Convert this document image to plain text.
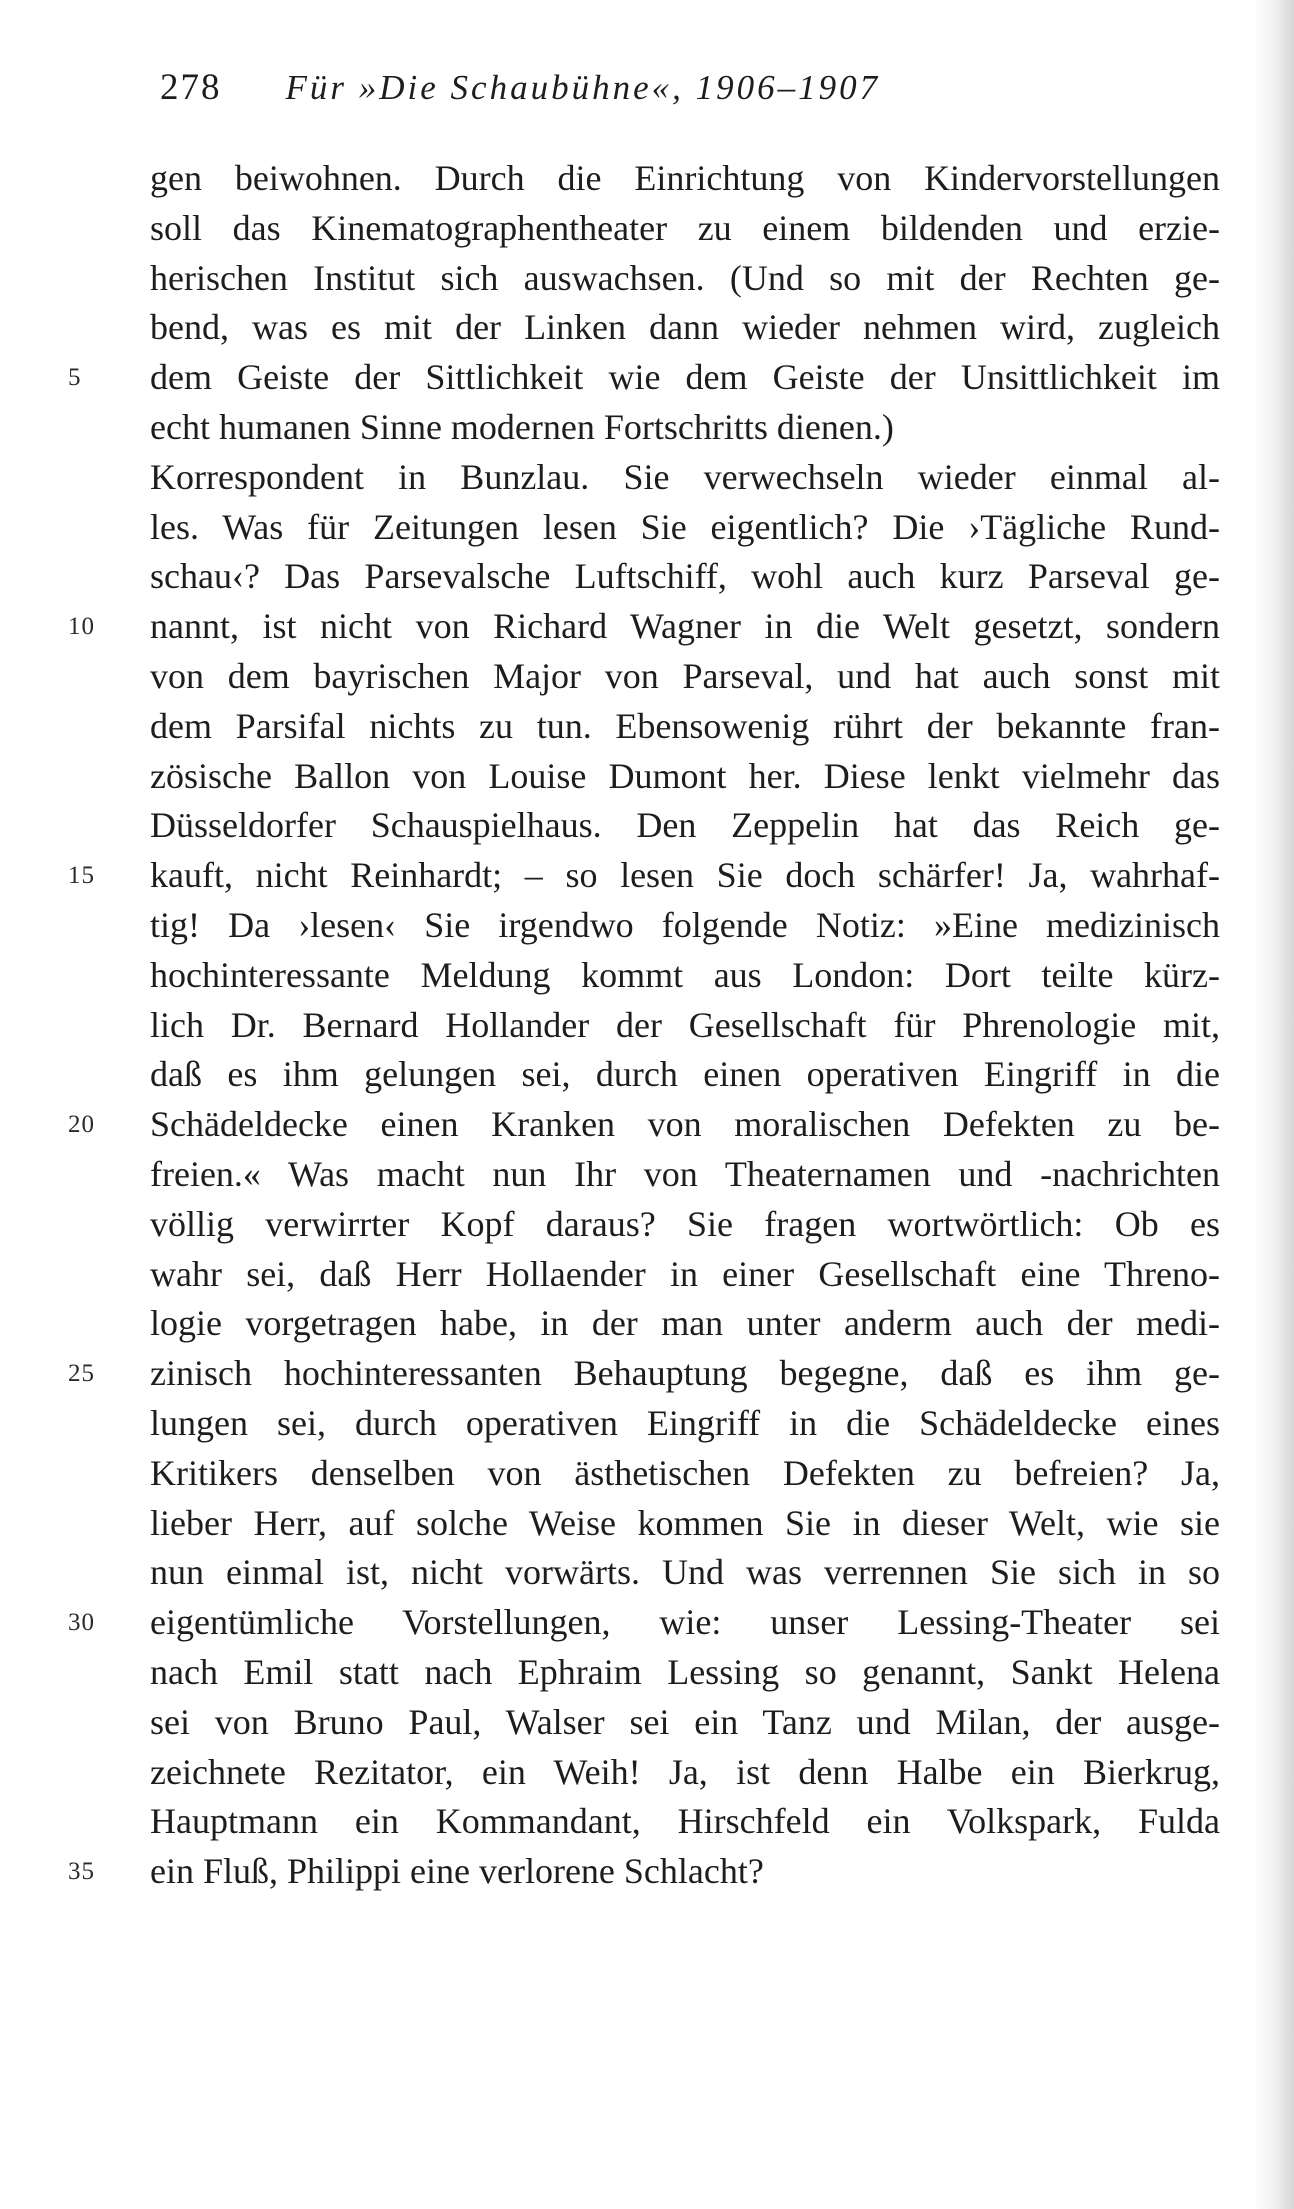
278 Für »Die Schaubühne«, 1906–1907
gen beiwohnen. Durch die Einrichtung von Kindervorstellungen
soll das Kinematographentheater zu einem bildenden und erzie-
herischen Institut sich auswachsen. (Und so mit der Rechten ge-
bend, was es mit der Linken dann wieder nehmen wird, zugleich
5	dem Geiste der Sittlichkeit wie dem Geiste der Unsittlichkeit im
echt humanen Sinne modernen Fortschritts dienen.)
Korrespondent in Bunzlau. Sie verwechseln wieder einmal al-
les. Was für Zeitungen lesen Sie eigentlich? Die ›Tägliche Rund-
schau‹? Das Parsevalsche Luftschiff, wohl auch kurz Parseval ge-
10	nannt, ist nicht von Richard Wagner in die Welt gesetzt, sondern
von dem bayrischen Major von Parseval, und hat auch sonst mit
dem Parsifal nichts zu tun. Ebensowenig rührt der bekannte fran-
zösische Ballon von Louise Dumont her. Diese lenkt vielmehr das
Düsseldorfer Schauspielhaus. Den Zeppelin hat das Reich ge-
15	kauft, nicht Reinhardt; – so lesen Sie doch schärfer! Ja, wahrhaf-
tig! Da ›lesen‹ Sie irgendwo folgende Notiz: »Eine medizinisch
hochinteressante Meldung kommt aus London: Dort teilte kürz-
lich Dr. Bernard Hollander der Gesellschaft für Phrenologie mit,
daß es ihm gelungen sei, durch einen operativen Eingriff in die
20	Schädeldecke einen Kranken von moralischen Defekten zu be-
freien.« Was macht nun Ihr von Theaternamen und -nachrichten
völlig verwirrter Kopf daraus? Sie fragen wortwörtlich: Ob es
wahr sei, daß Herr Hollaender in einer Gesellschaft eine Threno-
logie vorgetragen habe, in der man unter anderm auch der medi-
25	zinisch hochinteressanten Behauptung begegne, daß es ihm ge-
lungen sei, durch operativen Eingriff in die Schädeldecke eines
Kritikers denselben von ästhetischen Defekten zu befreien? Ja,
lieber Herr, auf solche Weise kommen Sie in dieser Welt, wie sie
nun einmal ist, nicht vorwärts. Und was verrennen Sie sich in so
30	eigentümliche Vorstellungen, wie: unser Lessing-Theater sei
nach Emil statt nach Ephraim Lessing so genannt, Sankt Helena
sei von Bruno Paul, Walser sei ein Tanz und Milan, der ausge-
zeichnete Rezitator, ein Weih! Ja, ist denn Halbe ein Bierkrug,
Hauptmann ein Kommandant, Hirschfeld ein Volkspark, Fulda
35	ein Fluß, Philippi eine verlorene Schlacht?
